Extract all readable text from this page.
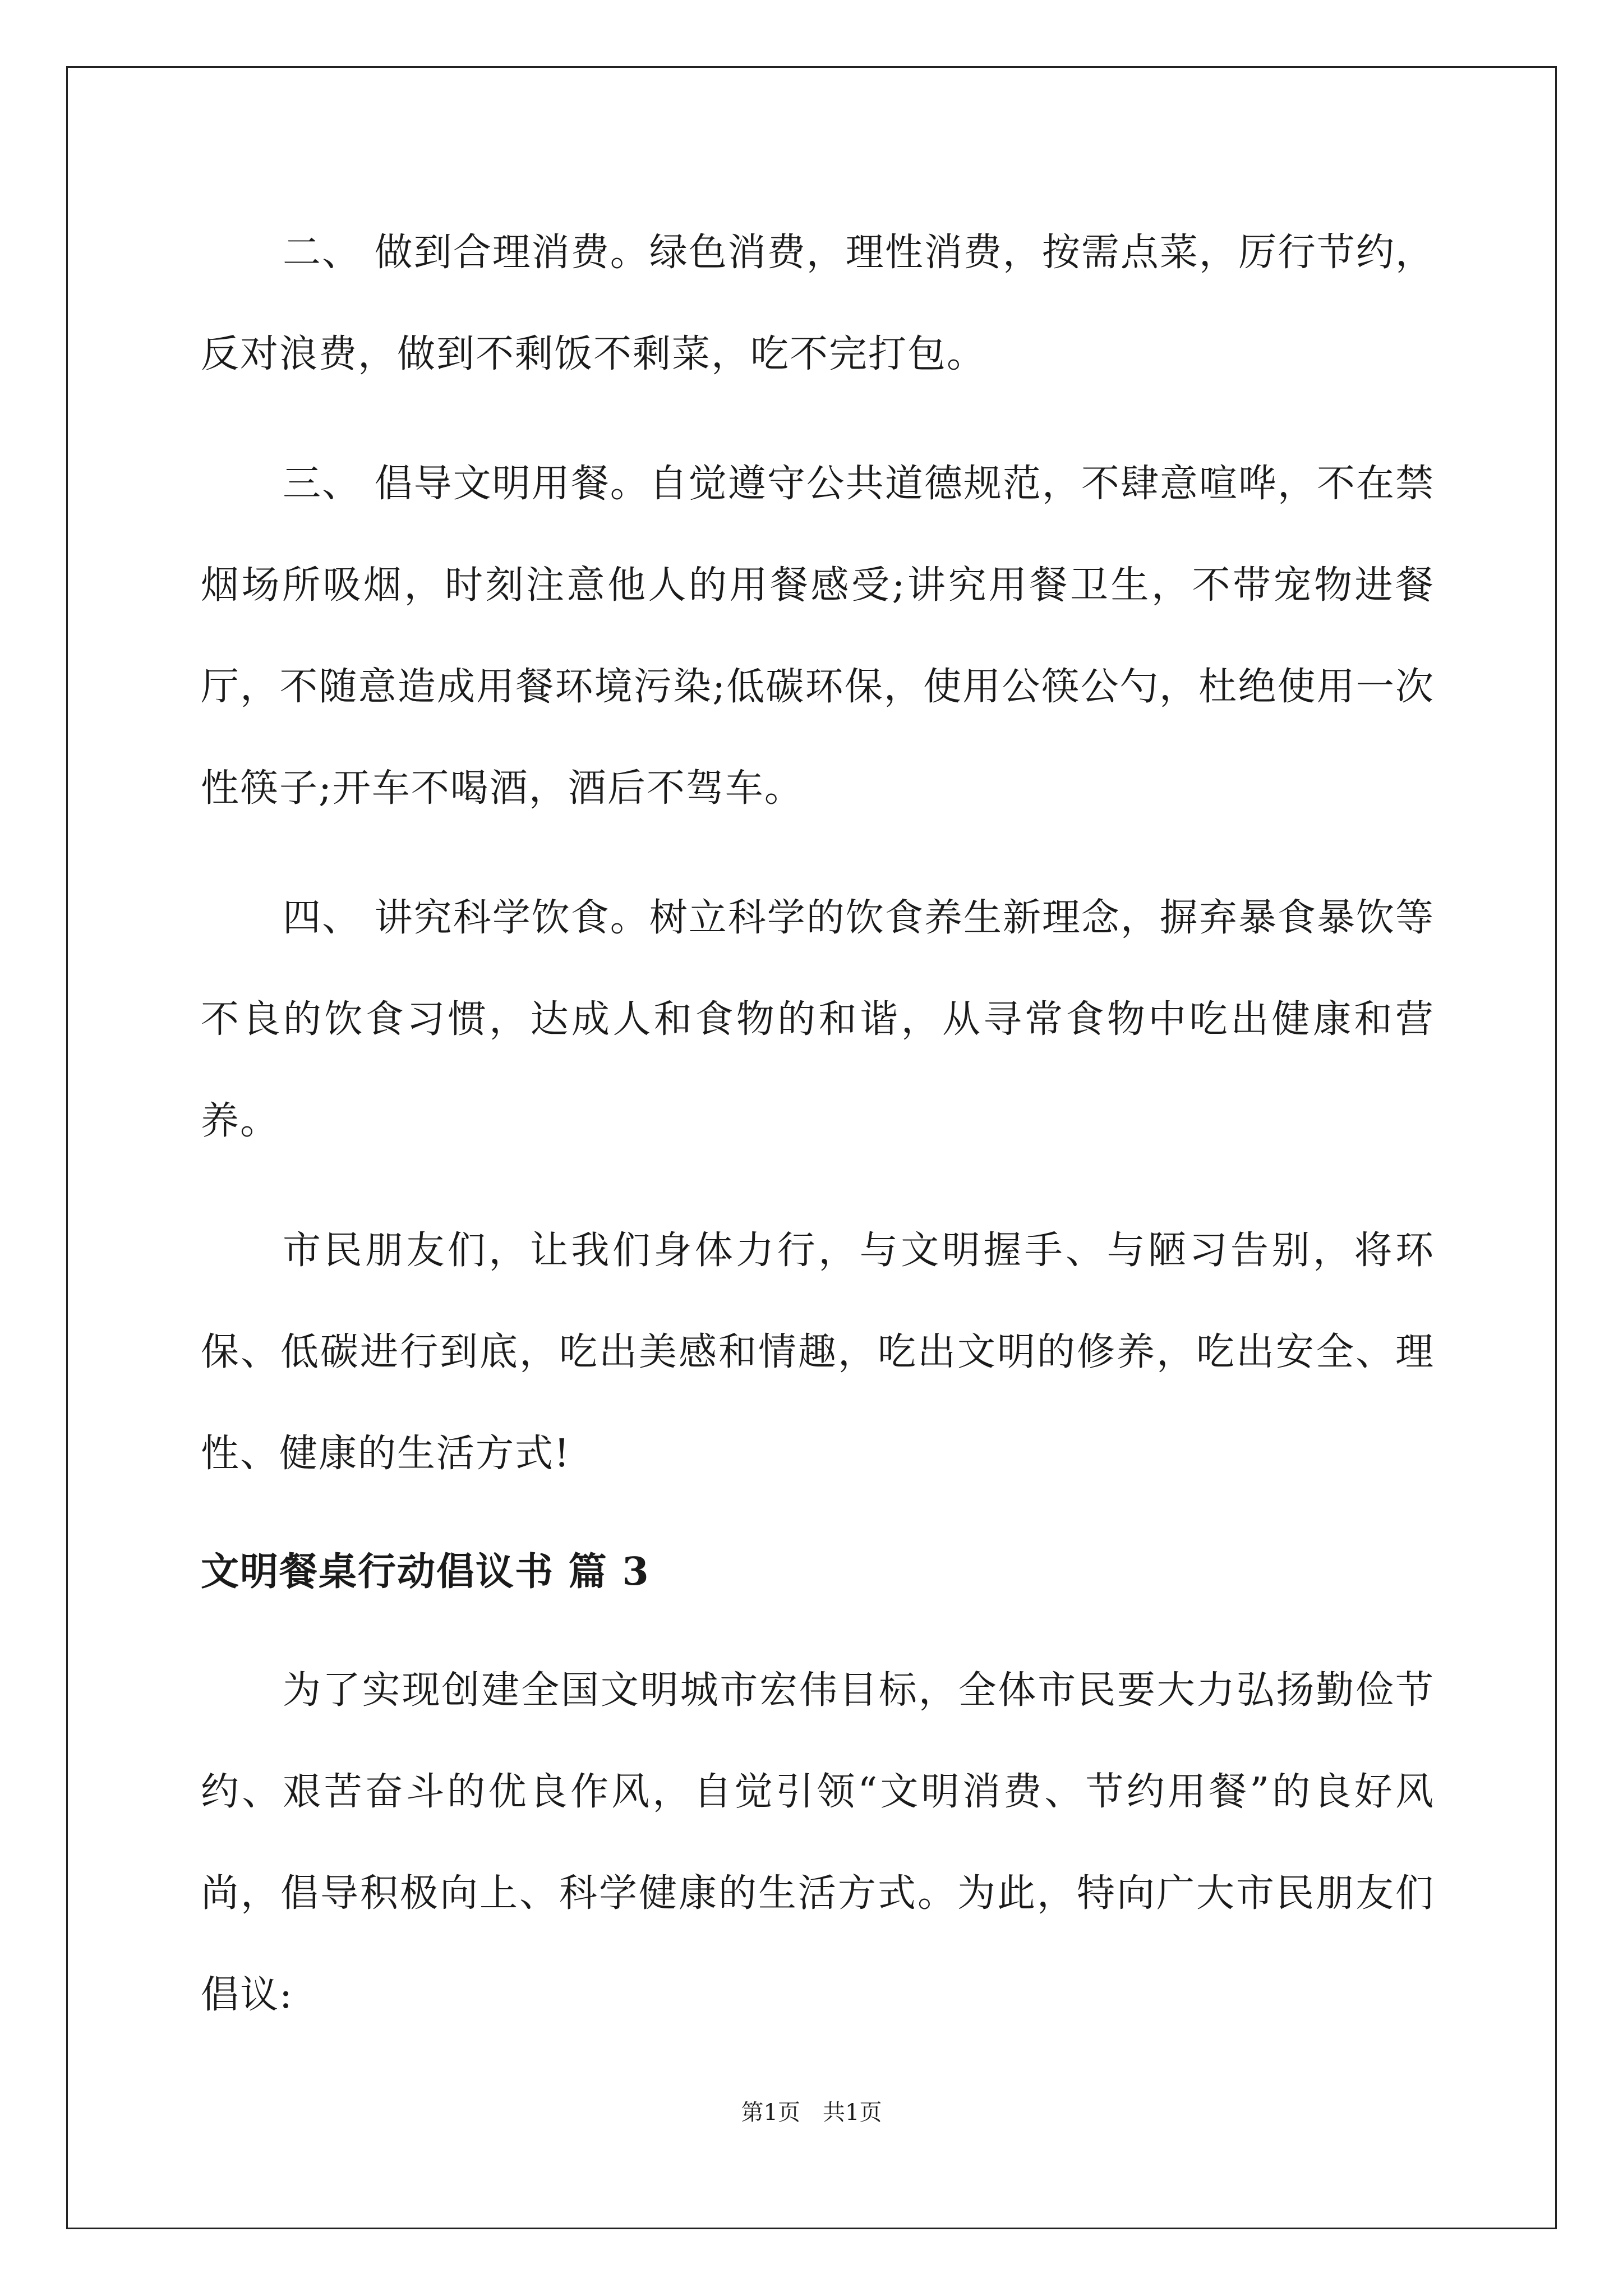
二、 做到合理消费。绿色消费，理性消费，按需点菜，厉行节约，反对浪费，做到不剩饭不剩菜，吃不完打包。

三、 倡导文明用餐。自觉遵守公共道德规范，不肆意喧哗，不在禁烟场所吸烟，时刻注意他人的用餐感受;讲究用餐卫生，不带宠物进餐厅，不随意造成用餐环境污染;低碳环保，使用公筷公勺，杜绝使用一次性筷子;开车不喝酒，酒后不驾车。

四、 讲究科学饮食。树立科学的饮食养生新理念，摒弃暴食暴饮等不良的饮食习惯，达成人和食物的和谐，从寻常食物中吃出健康和营养。

市民朋友们，让我们身体力行，与文明握手、与陋习告别，将环保、低碳进行到底，吃出美感和情趣，吃出文明的修养，吃出安全、理性、健康的生活方式!

文明餐桌行动倡议书 篇 3

为了实现创建全国文明城市宏伟目标，全体市民要大力弘扬勤俭节约、艰苦奋斗的优良作风，自觉引领“文明消费、节约用餐”的良好风尚，倡导积极向上、科学健康的生活方式。为此，特向广大市民朋友们倡议:

第1页 共1页
